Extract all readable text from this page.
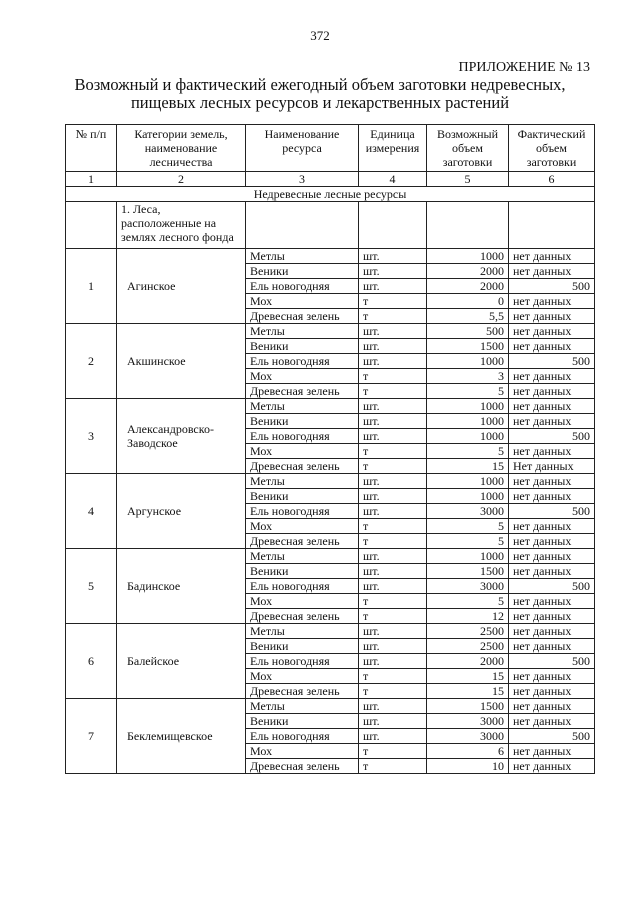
372
ПРИЛОЖЕНИЕ № 13
Возможный и фактический ежегодный объем заготовки недревесных, пищевых лесных ресурсов и лекарственных растений
№ п/п	Категории земель, наименование лесничества	Наименование ресурса	Единица измерения	Возможный объем заготовки	Фактический объем заготовки
1	2	3	4	5	6
Недревесные лесные ресурсы					
	1. Леса, расположенные на землях лесного фонда				
1	Агинское	Метлы	шт.	1000	нет данных
		Веники	шт.	2000	нет данных
		Ель новогодняя	шт.	2000	500
		Мох	т	0	нет данных
		Древесная зелень	т	5,5	нет данных
2	Акшинское	Метлы	шт.	500	нет данных
		Веники	шт.	1500	нет данных
		Ель новогодняя	шт.	1000	500
		Мох	т	3	нет данных
		Древесная зелень	т	5	нет данных
3	Александровско-Заводское	Метлы	шт.	1000	нет данных
		Веники	шт.	1000	нет данных
		Ель новогодняя	шт.	1000	500
		Мох	т	5	нет данных
		Древесная зелень	т	15	Нет данных
4	Аргунское	Метлы	шт.	1000	нет данных
		Веники	шт.	1000	нет данных
		Ель новогодняя	шт.	3000	500
		Мох	т	5	нет данных
		Древесная зелень	т	5	нет данных
5	Бадинское	Метлы	шт.	1000	нет данных
		Веники	шт.	1500	нет данных
		Ель новогодняя	шт.	3000	500
		Мох	т	5	нет данных
		Древесная зелень	т	12	нет данных
6	Балейское	Метлы	шт.	2500	нет данных
		Веники	шт.	2500	нет данных
		Ель новогодняя	шт.	2000	500
		Мох	т	15	нет данных
		Древесная зелень	т	15	нет данных
7	Беклемищевское	Метлы	шт.	1500	нет данных
		Веники	шт.	3000	нет данных
		Ель новогодняя	шт.	3000	500
		Мох	т	6	нет данных
		Древесная зелень	т	10	нет данных
